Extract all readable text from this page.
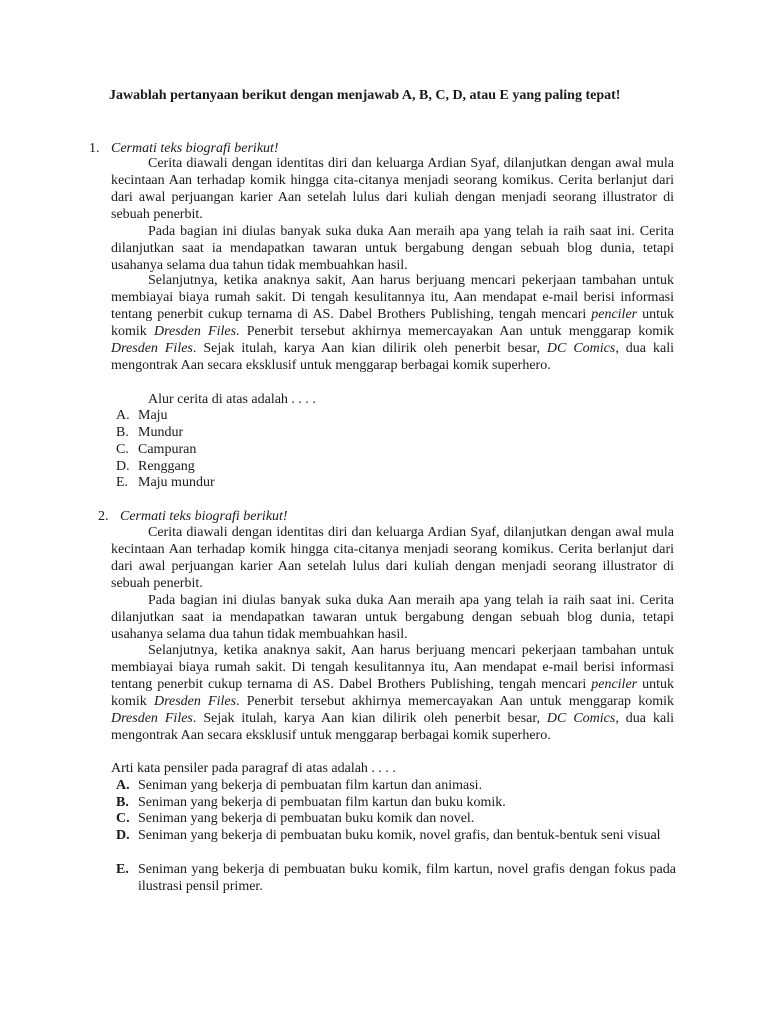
Jawablah pertanyaan berikut dengan menjawab A, B, C, D, atau E yang paling tepat!
1. Cermati teks biografi berikut!
Cerita diawali dengan identitas diri dan keluarga Ardian Syaf, dilanjutkan dengan awal mula kecintaan Aan terhadap komik hingga cita-citanya menjadi seorang komikus. Cerita berlanjut dari dari awal perjuangan karier Aan setelah lulus dari kuliah dengan menjadi seorang illustrator di sebuah penerbit.
Pada bagian ini diulas banyak suka duka Aan meraih apa yang telah ia raih saat ini. Cerita dilanjutkan saat ia mendapatkan tawaran untuk bergabung dengan sebuah blog dunia, tetapi usahanya selama dua tahun tidak membuahkan hasil.
Selanjutnya, ketika anaknya sakit, Aan harus berjuang mencari pekerjaan tambahan untuk membiayai biaya rumah sakit. Di tengah kesulitannya itu, Aan mendapat e-mail berisi informasi tentang penerbit cukup ternama di AS. Dabel Brothers Publishing, tengah mencari penciler untuk komik Dresden Files. Penerbit tersebut akhirnya memercayakan Aan untuk menggarap komik Dresden Files. Sejak itulah, karya Aan kian dilirik oleh penerbit besar, DC Comics, dua kali mengontrak Aan secara eksklusif untuk menggarap berbagai komik superhero.
Alur cerita di atas adalah . . . .
A. Maju
B. Mundur
C. Campuran
D. Renggang
E. Maju mundur
2. Cermati teks biografi berikut!
Cerita diawali dengan identitas diri dan keluarga Ardian Syaf, dilanjutkan dengan awal mula kecintaan Aan terhadap komik hingga cita-citanya menjadi seorang komikus. Cerita berlanjut dari dari awal perjuangan karier Aan setelah lulus dari kuliah dengan menjadi seorang illustrator di sebuah penerbit.
Pada bagian ini diulas banyak suka duka Aan meraih apa yang telah ia raih saat ini. Cerita dilanjutkan saat ia mendapatkan tawaran untuk bergabung dengan sebuah blog dunia, tetapi usahanya selama dua tahun tidak membuahkan hasil.
Selanjutnya, ketika anaknya sakit, Aan harus berjuang mencari pekerjaan tambahan untuk membiayai biaya rumah sakit. Di tengah kesulitannya itu, Aan mendapat e-mail berisi informasi tentang penerbit cukup ternama di AS. Dabel Brothers Publishing, tengah mencari penciler untuk komik Dresden Files. Penerbit tersebut akhirnya memercayakan Aan untuk menggarap komik Dresden Files. Sejak itulah, karya Aan kian dilirik oleh penerbit besar, DC Comics, dua kali mengontrak Aan secara eksklusif untuk menggarap berbagai komik superhero.
Arti kata pensiler pada paragraf di atas adalah . . . .
A. Seniman yang bekerja di pembuatan film kartun dan animasi.
B. Seniman yang bekerja di pembuatan film kartun dan buku komik.
C. Seniman yang bekerja di pembuatan buku komik dan novel.
D. Seniman yang bekerja di pembuatan buku komik, novel grafis, dan bentuk-bentuk seni visual
E. Seniman yang bekerja di pembuatan buku komik, film kartun, novel grafis dengan fokus pada ilustrasi pensil primer.
